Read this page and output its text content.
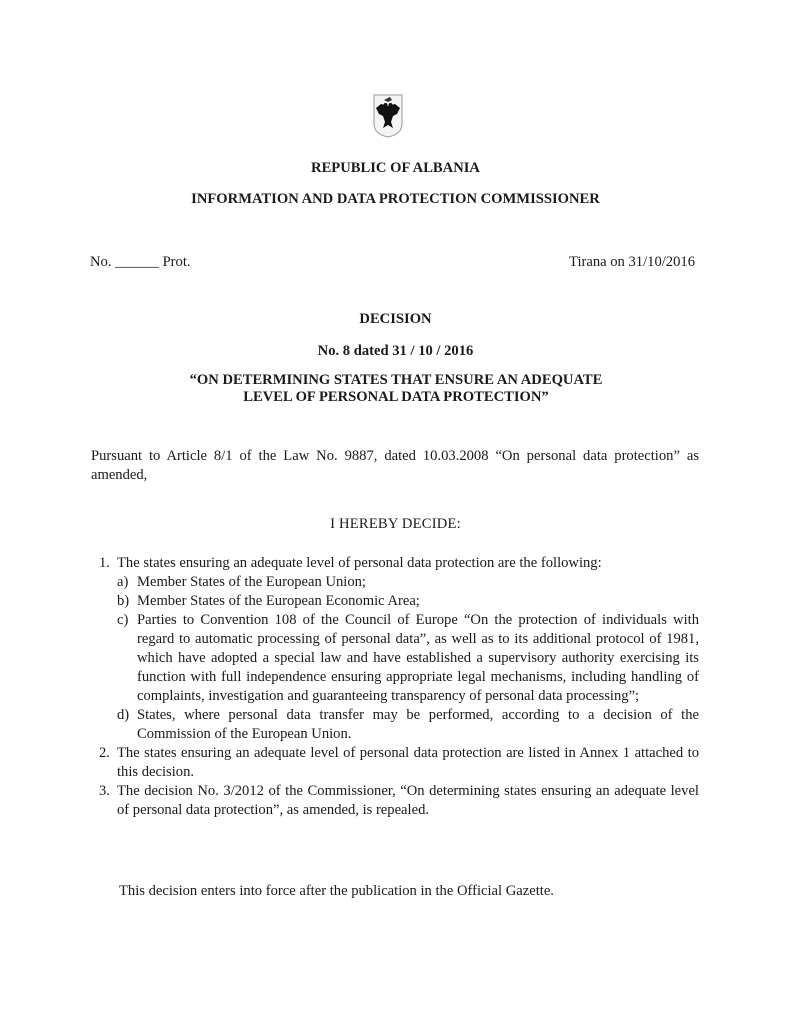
REPUBLIC OF ALBANIA
INFORMATION AND DATA PROTECTION COMMISSIONER
No. ______ Prot.	Tirana on 31/10/2016
DECISION
No. 8 dated 31 / 10 / 2016
“ON DETERMINING STATES THAT ENSURE AN ADEQUATE LEVEL OF PERSONAL DATA PROTECTION”
Pursuant to Article 8/1 of the Law No. 9887, dated 10.03.2008 “On personal data protection” as amended,
I HEREBY DECIDE:
1. The states ensuring an adequate level of personal data protection are the following:
a) Member States of the European Union;
b) Member States of the European Economic Area;
c) Parties to Convention 108 of the Council of Europe “On the protection of individuals with regard to automatic processing of personal data”, as well as to its additional protocol of 1981, which have adopted a special law and have established a supervisory authority exercising its function with full independence ensuring appropriate legal mechanisms, including handling of complaints, investigation and guaranteeing transparency of personal data processing”;
d) States, where personal data transfer may be performed, according to a decision of the Commission of the European Union.
2. The states ensuring an adequate level of personal data protection are listed in Annex 1 attached to this decision.
3. The decision No. 3/2012 of the Commissioner, “On determining states ensuring an adequate level of personal data protection”, as amended, is repealed.
This decision enters into force after the publication in the Official Gazette.
